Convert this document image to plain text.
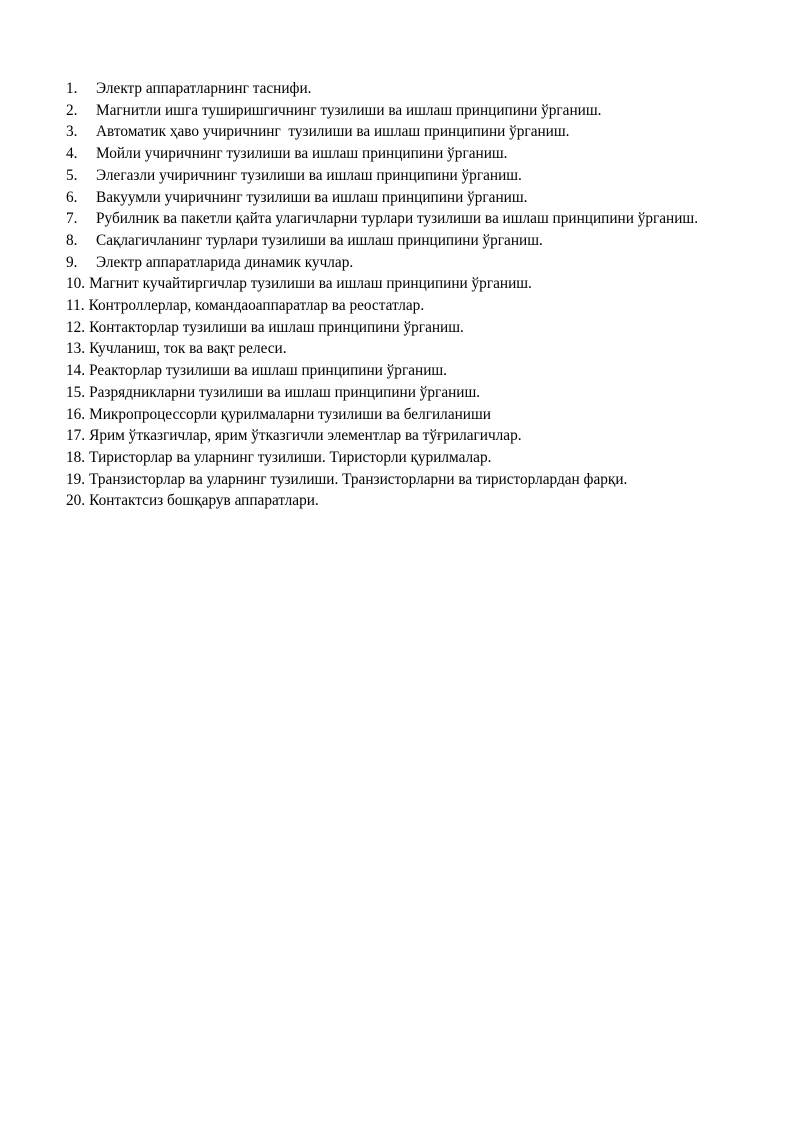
1.	Электр аппаратларнинг таснифи.
2.	Магнитли ишга туширишгичнинг тузилиши ва ишлаш принципини ўрганиш.
3.	Автоматик ҳаво учиричнинг  тузилиши ва ишлаш принципини ўрганиш.
4.	Мойли учиричнинг тузилиши ва ишлаш принципини ўрганиш.
5.	Элегазли учиричнинг тузилиши ва ишлаш принципини ўрганиш.
6.	Вакуумли учиричнинг тузилиши ва ишлаш принципини ўрганиш.
7. Рубилник ва пакетли қайта улагичларни турлари тузилиши ва ишлаш принципини ўрганиш.
8.	Сақлагичланинг турлари тузилиши ва ишлаш принципини ўрганиш.
9.	Электр аппаратларида динамик кучлар.
10. Магнит кучайтиргичлар тузилиши ва ишлаш принципини ўрганиш.
11. Контроллерлар, командаоаппаратлар ва реостатлар.
12. Контакторлар тузилиши ва ишлаш принципини ўрганиш.
13. Кучланиш, ток ва вақт релеси.
14. Реакторлар тузилиши ва ишлаш принципини ўрганиш.
15. Разрядникларни тузилиши ва ишлаш принципини ўрганиш.
16. Микропроцессорли қурилмаларни тузилиши ва белгиланиши
17. Ярим ўтказгичлар, ярим ўтказгичли элементлар ва тўғрилагичлар.
18. Тиристорлар ва уларнинг тузилиши. Тиристорли қурилмалар.
19. Транзисторлар ва уларнинг тузилиши. Транзисторларни ва тиристорлардан фарқи.
20. Контактсиз бошқарув аппаратлари.
